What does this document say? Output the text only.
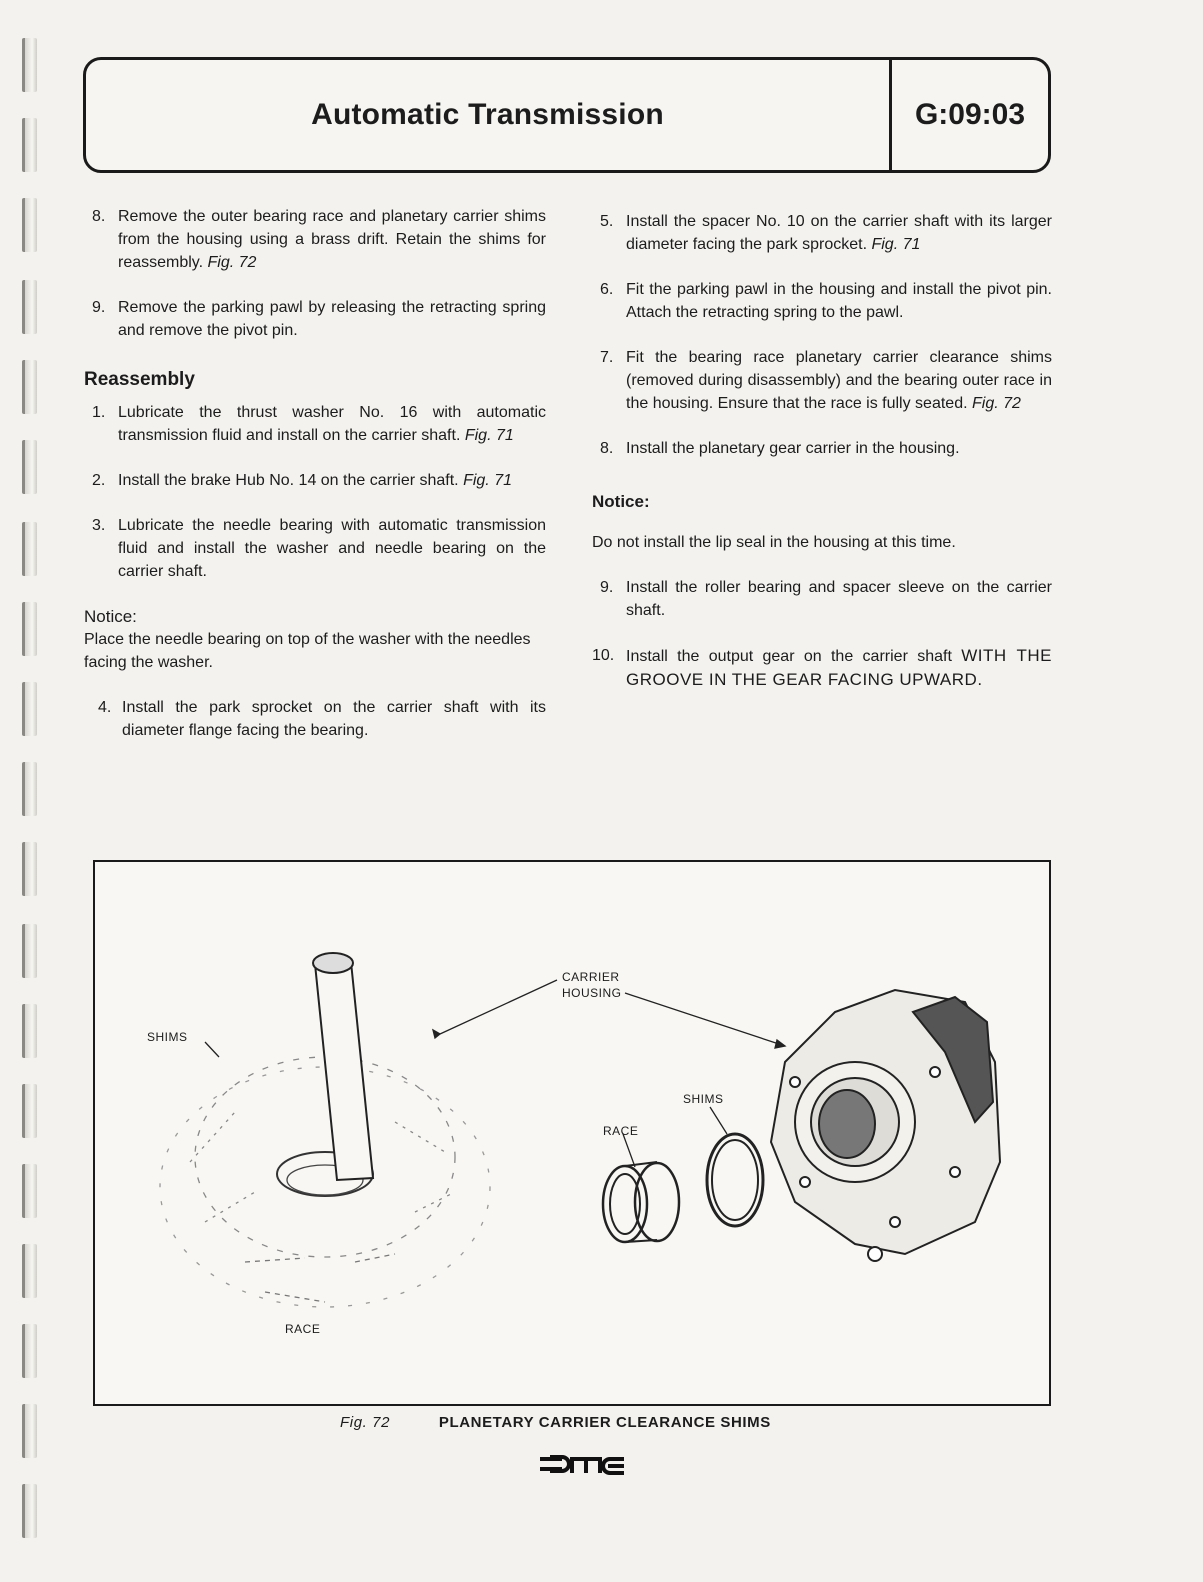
Automatic Transmission	G:09:03
8. Remove the outer bearing race and planetary carrier shims from the housing using a brass drift. Retain the shims for reassembly. Fig. 72
9. Remove the parking pawl by releasing the retracting spring and remove the pivot pin.
Reassembly
1. Lubricate the thrust washer No. 16 with automatic transmission fluid and install on the carrier shaft. Fig. 71
2. Install the brake Hub No. 14 on the carrier shaft. Fig. 71
3. Lubricate the needle bearing with automatic transmission fluid and install the washer and needle bearing on the carrier shaft.

Notice:

Place the needle bearing on top of the washer with the needles facing the washer.

4. Install the park sprocket on the carrier shaft with its diameter flange facing the bearing.
5. Install the spacer No. 10 on the carrier shaft with its larger diameter facing the park sprocket. Fig. 71
6. Fit the parking pawl in the housing and install the pivot pin. Attach the retracting spring to the pawl.
7. Fit the bearing race planetary carrier clearance shims (removed during disassembly) and the bearing outer race in the housing. Ensure that the race is fully seated. Fig. 72
8. Install the planetary gear carrier in the housing.
Notice:
Do not install the lip seal in the housing at this time.
9. Install the roller bearing and spacer sleeve on the carrier shaft.
10. Install the output gear on the carrier shaft WITH THE GROOVE IN THE GEAR FACING UPWARD.
SHIMS
CARRIER
HOUSING
SHIMS
RACE
RACE
Fig. 72	PLANETARY CARRIER CLEARANCE SHIMS
